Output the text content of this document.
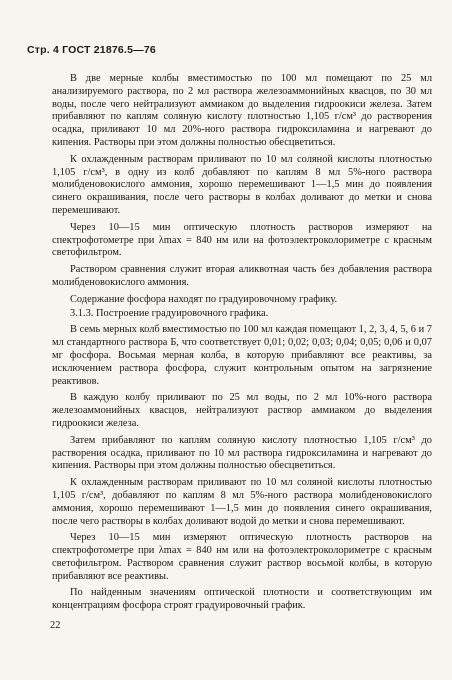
Стр. 4 ГОСТ 21876.5—76

В две мерные колбы вместимостью по 100 мл помещают по 25 мл анализируемого раствора, по 2 мл раствора железоаммонийных квасцов, по 30 мл воды, после чего нейтрализуют аммиаком до выделения гидроокиси железа. Затем прибавляют по каплям соляную кислоту плотностью 1,105 г/см³ до растворения осадка, приливают 10 мл 20%-ного раствора гидроксиламина и нагревают до кипения. Растворы при этом должны полностью обесцветиться.

К охлажденным растворам приливают по 10 мл соляной кислоты плотностью 1,105 г/см³, в одну из колб добавляют по каплям 8 мл 5%-ного раствора молибденовокислого аммония, хорошо перемешивают 1—1,5 мин до появления синего окрашивания, после чего растворы в колбах доливают до метки и снова перемешивают.

Через 10—15 мин оптическую плотность растворов измеряют на спектрофотометре при λmax = 840 нм или на фотоэлектроколориметре с красным светофильтром.

Раствором сравнения служит вторая аликвотная часть без добавления раствора молибденовокислого аммония.

Содержание фосфора находят по градуировочному графику.

3.1.3. Построение градуировочного графика.

В семь мерных колб вместимостью по 100 мл каждая помещают 1, 2, 3, 4, 5, 6 и 7 мл стандартного раствора Б, что соответствует 0,01; 0,02; 0,03; 0,04; 0,05; 0,06 и 0,07 мг фосфора. Восьмая мерная колба, в которую прибавляют все реактивы, за исключением раствора фосфора, служит контрольным опытом на загрязнение реактивов.

В каждую колбу приливают по 25 мл воды, по 2 мл 10%-ного раствора железоаммонийных квасцов, нейтрализуют раствор аммиаком до выделения гидроокиси железа.

Затем прибавляют по каплям соляную кислоту плотностью 1,105 г/см³ до растворения осадка, приливают по 10 мл раствора гидроксиламина и нагревают до кипения. Растворы при этом должны полностью обесцветиться.

К охлажденным растворам приливают по 10 мл соляной кислоты плотностью 1,105 г/см³, добавляют по каплям 8 мл 5%-ного раствора молибденовокислого аммония, хорошо перемешивают 1—1,5 мин до появления синего окрашивания, после чего растворы в колбах доливают водой до метки и снова перемешивают.

Через 10—15 мин измеряют оптическую плотность растворов на спектрофотометре при λmax = 840 нм или на фотоэлектроколориметре с красным светофильтром. Раствором сравнения служит раствор восьмой колбы, в которую прибавляют все реактивы.

По найденным значениям оптической плотности и соответствующим им концентрациям фосфора строят градуировочный график.

22
